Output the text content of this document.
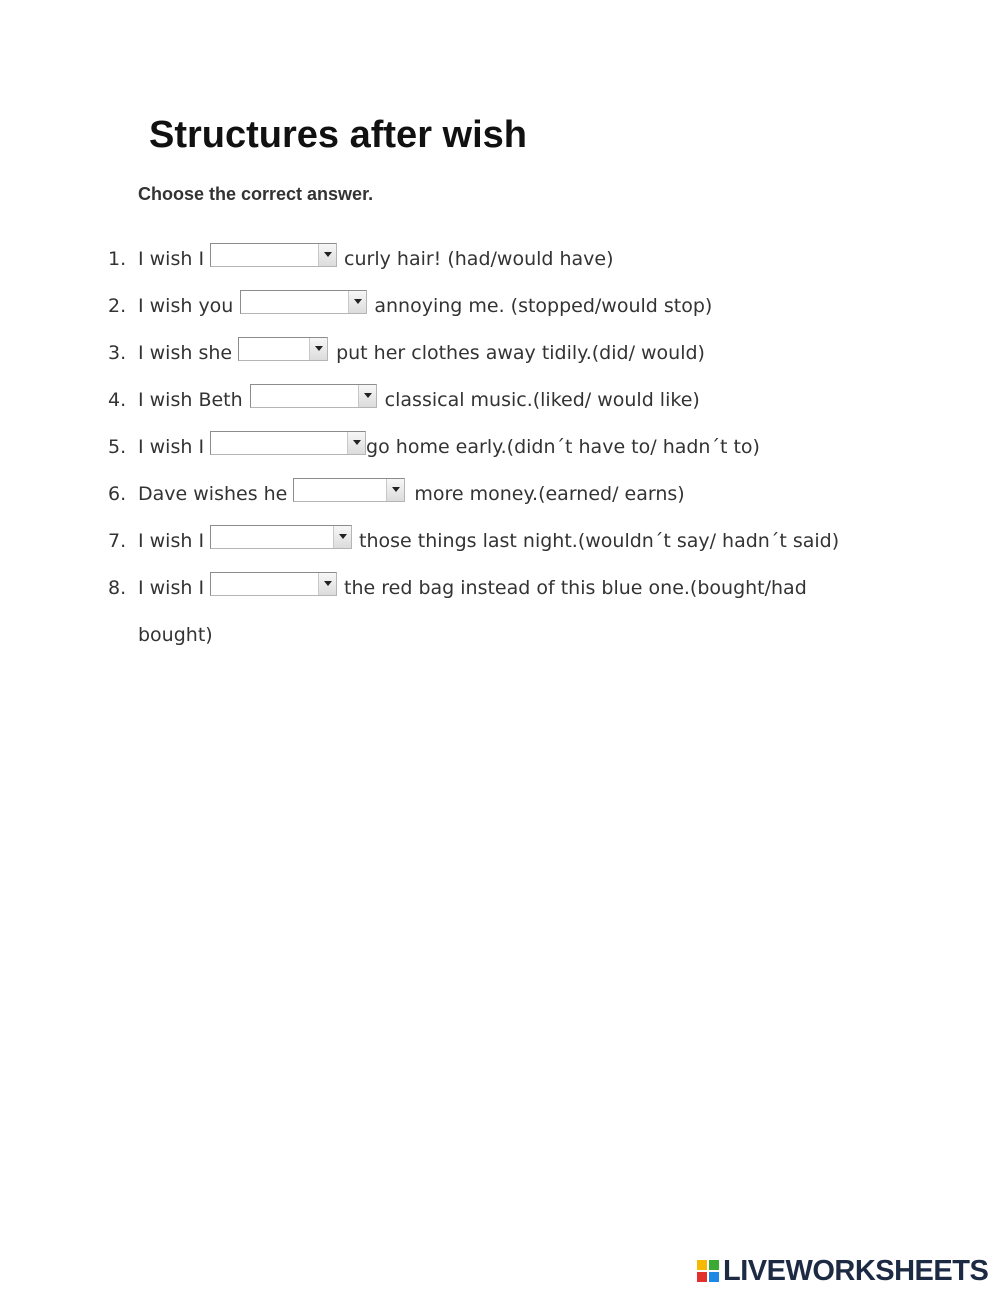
Structures after wish

Choose the correct answer.

1. I wish I	curly hair! (had/would have)
2. I wish you	annoying me. (stopped/would stop)
3. I wish she	put her clothes away tidily.(did/ would)
4. I wish Beth	classical music.(liked/ would like)
5. I wish I	go home early.(didn´t have to/ hadn´t to)
6. Dave wishes he	more money.(earned/ earns)
7. I wish I	those things last night.(wouldn´t say/ hadn´t said)
8. I wish I	the red bag instead of this blue one.(bought/had
bought)
LIVEWORKSHEETS
